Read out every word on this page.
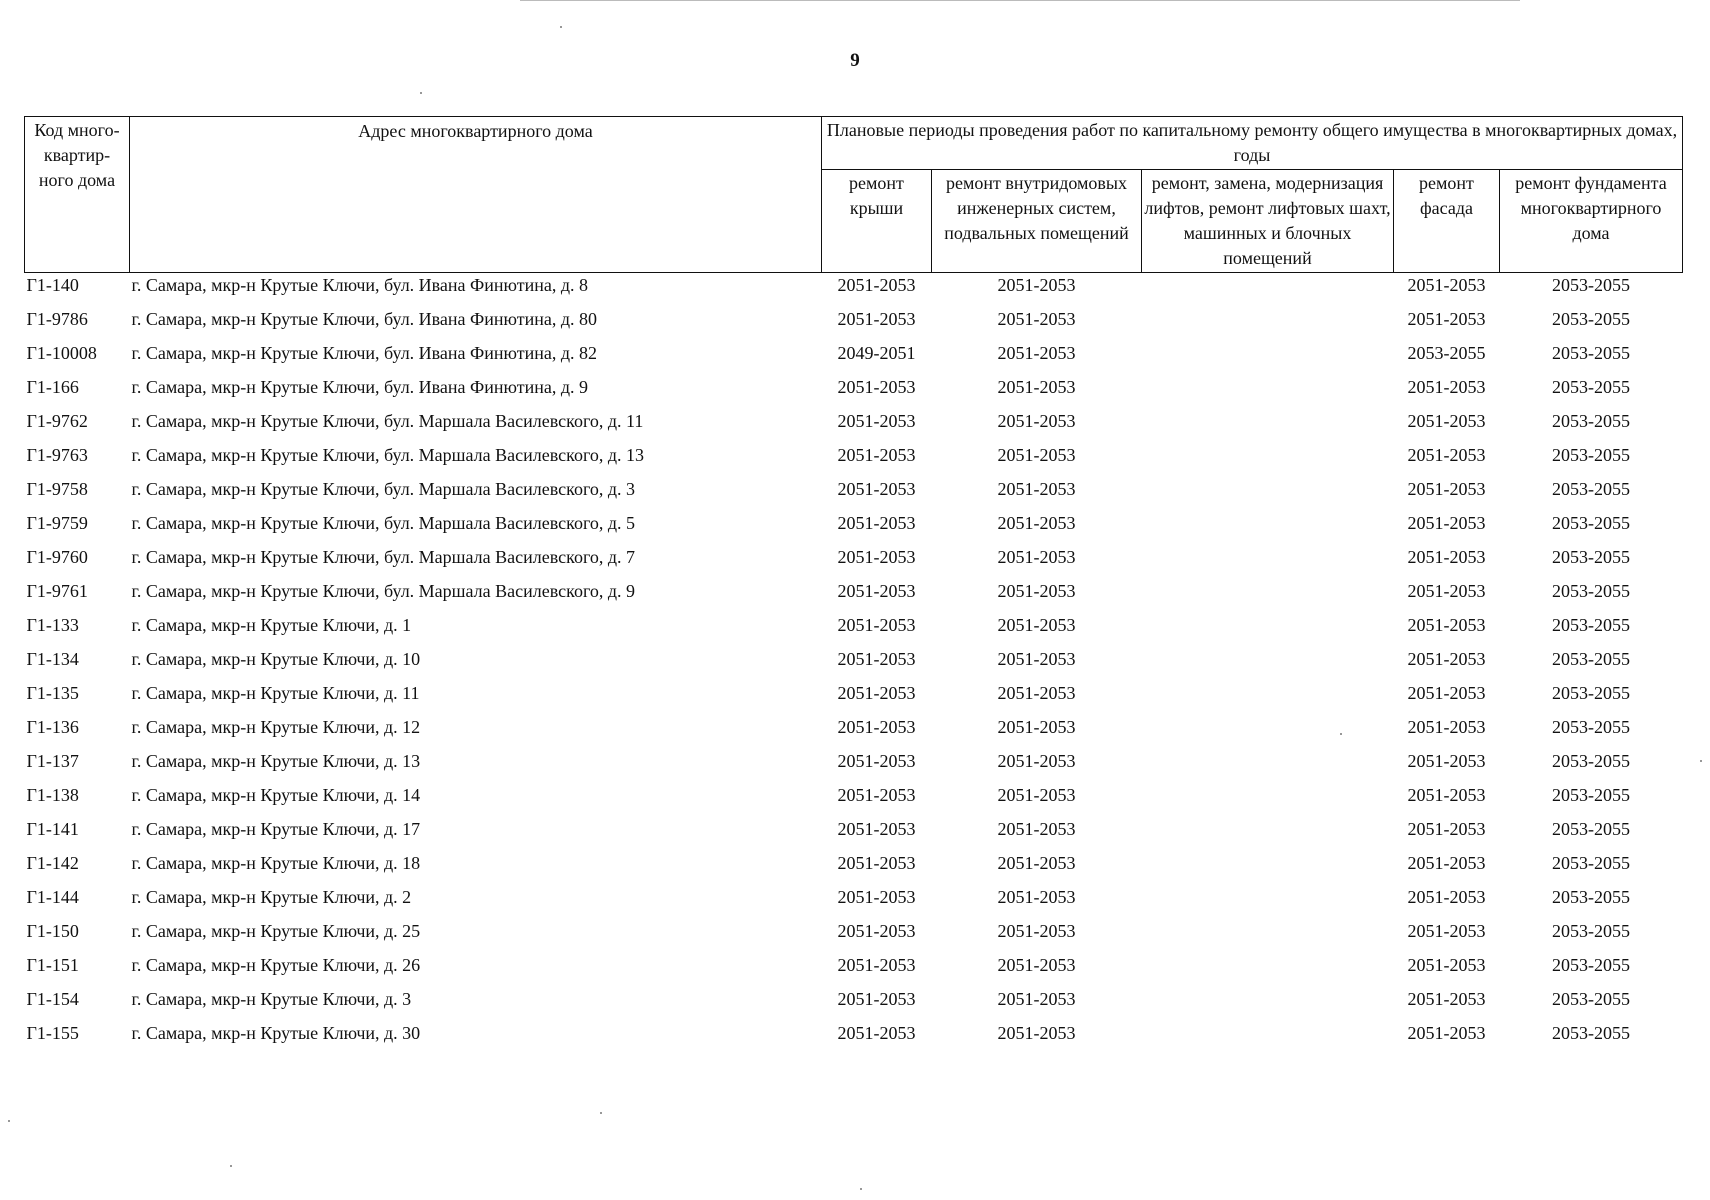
9
Код много-квартир-ного дома	Адрес многоквартирного дома	Плановые периоды проведения работ по капитальному ремонту общего имущества в многоквартирных домах, годы				
		ремонт крыши	ремонт внутридомовых инженерных систем, подвальных помещений	ремонт, замена, модернизация лифтов, ремонт лифтовых шахт, машинных и блочных помещений	ремонт фасада	ремонт фундамента многоквартирного дома
Г1-140	г. Самара, мкр-н Крутые Ключи, бул. Ивана Финютина, д. 8	2051-2053	2051-2053		2051-2053	2053-2055
Г1-9786	г. Самара, мкр-н Крутые Ключи, бул. Ивана Финютина, д. 80	2051-2053	2051-2053		2051-2053	2053-2055
Г1-10008	г. Самара, мкр-н Крутые Ключи, бул. Ивана Финютина, д. 82	2049-2051	2051-2053		2053-2055	2053-2055
Г1-166	г. Самара, мкр-н Крутые Ключи, бул. Ивана Финютина, д. 9	2051-2053	2051-2053		2051-2053	2053-2055
Г1-9762	г. Самара, мкр-н Крутые Ключи, бул. Маршала Василевского, д. 11	2051-2053	2051-2053		2051-2053	2053-2055
Г1-9763	г. Самара, мкр-н Крутые Ключи, бул. Маршала Василевского, д. 13	2051-2053	2051-2053		2051-2053	2053-2055
Г1-9758	г. Самара, мкр-н Крутые Ключи, бул. Маршала Василевского, д. 3	2051-2053	2051-2053		2051-2053	2053-2055
Г1-9759	г. Самара, мкр-н Крутые Ключи, бул. Маршала Василевского, д. 5	2051-2053	2051-2053		2051-2053	2053-2055
Г1-9760	г. Самара, мкр-н Крутые Ключи, бул. Маршала Василевского, д. 7	2051-2053	2051-2053		2051-2053	2053-2055
Г1-9761	г. Самара, мкр-н Крутые Ключи, бул. Маршала Василевского, д. 9	2051-2053	2051-2053		2051-2053	2053-2055
Г1-133	г. Самара, мкр-н Крутые Ключи, д. 1	2051-2053	2051-2053		2051-2053	2053-2055
Г1-134	г. Самара, мкр-н Крутые Ключи, д. 10	2051-2053	2051-2053		2051-2053	2053-2055
Г1-135	г. Самара, мкр-н Крутые Ключи, д. 11	2051-2053	2051-2053		2051-2053	2053-2055
Г1-136	г. Самара, мкр-н Крутые Ключи, д. 12	2051-2053	2051-2053		2051-2053	2053-2055
Г1-137	г. Самара, мкр-н Крутые Ключи, д. 13	2051-2053	2051-2053		2051-2053	2053-2055
Г1-138	г. Самара, мкр-н Крутые Ключи, д. 14	2051-2053	2051-2053		2051-2053	2053-2055
Г1-141	г. Самара, мкр-н Крутые Ключи, д. 17	2051-2053	2051-2053		2051-2053	2053-2055
Г1-142	г. Самара, мкр-н Крутые Ключи, д. 18	2051-2053	2051-2053		2051-2053	2053-2055
Г1-144	г. Самара, мкр-н Крутые Ключи, д. 2	2051-2053	2051-2053		2051-2053	2053-2055
Г1-150	г. Самара, мкр-н Крутые Ключи, д. 25	2051-2053	2051-2053		2051-2053	2053-2055
Г1-151	г. Самара, мкр-н Крутые Ключи, д. 26	2051-2053	2051-2053		2051-2053	2053-2055
Г1-154	г. Самара, мкр-н Крутые Ключи, д. 3	2051-2053	2051-2053		2051-2053	2053-2055
Г1-155	г. Самара, мкр-н Крутые Ключи, д. 30	2051-2053	2051-2053		2051-2053	2053-2055
